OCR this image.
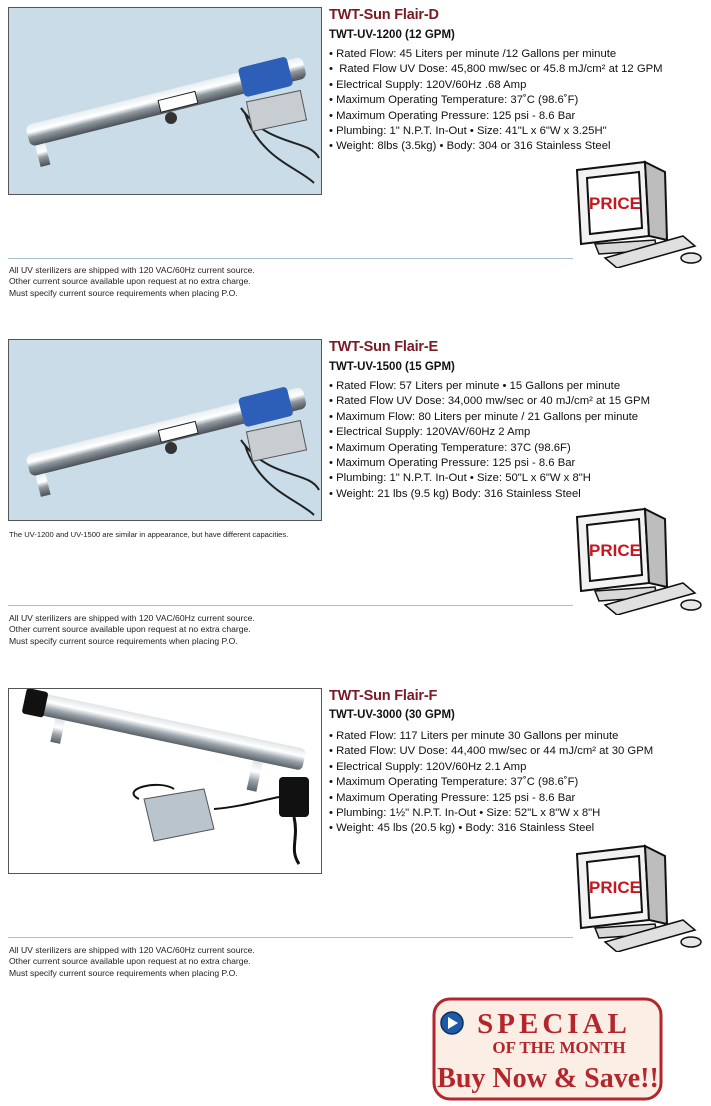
TWT-Sun Flair-D
TWT-UV-1200 (12 GPM)
• Rated Flow: 45 Liters per minute /12 Gallons per minute
•  Rated Flow UV Dose: 45,800 mw/sec or 45.8 mJ/cm² at 12 GPM
• Electrical Supply: 120V/60Hz .68 Amp
• Maximum Operating Temperature: 37˚C (98.6˚F)
• Maximum Operating Pressure: 125 psi - 8.6 Bar
• Plumbing: 1" N.P.T. In-Out • Size: 41"L x 6"W x 3.25H"
• Weight: 8lbs (3.5kg) • Body: 304 or 316 Stainless Steel
PRICE
All UV sterilizers are shipped with 120 VAC/60Hz current source.
Other current source available upon request at no extra charge.
Must specify current source requirements when placing P.O.
The UV-1200 and UV-1500 are similar in appearance, but have different capacities.
TWT-Sun Flair-E
TWT-UV-1500 (15 GPM)
• Rated Flow: 57 Liters per minute • 15 Gallons per minute
• Rated Flow UV Dose: 34,000 mw/sec or 40 mJ/cm² at 15 GPM
• Maximum Flow: 80 Liters per minute / 21 Gallons per minute
• Electrical Supply: 120VAV/60Hz 2 Amp
• Maximum Operating Temperature: 37C (98.6F)
• Maximum Operating Pressure: 125 psi - 8.6 Bar
• Plumbing: 1" N.P.T. In-Out • Size: 50"L x 6"W x 8"H
• Weight: 21 lbs (9.5 kg) Body: 316 Stainless Steel
PRICE
All UV sterilizers are shipped with 120 VAC/60Hz current source.
Other current source available upon request at no extra charge.
Must specify current source requirements when placing P.O.
TWT-Sun Flair-F
TWT-UV-3000 (30 GPM)
• Rated Flow: 117 Liters per minute 30 Gallons per minute
• Rated Flow: UV Dose: 44,400 mw/sec or 44 mJ/cm² at 30 GPM
• Electrical Supply: 120V/60Hz 2.1 Amp
• Maximum Operating Temperature: 37˚C (98.6˚F)
• Maximum Operating Pressure: 125 psi - 8.6 Bar
• Plumbing: 1½" N.P.T. In-Out • Size: 52"L x 8"W x 8"H
• Weight: 45 lbs (20.5 kg) • Body: 316 Stainless Steel
PRICE
All UV sterilizers are shipped with 120 VAC/60Hz current source.
Other current source available upon request at no extra charge.
Must specify current source requirements when placing P.O.
SPECIAL
OF THE MONTH
Buy Now & Save!!
